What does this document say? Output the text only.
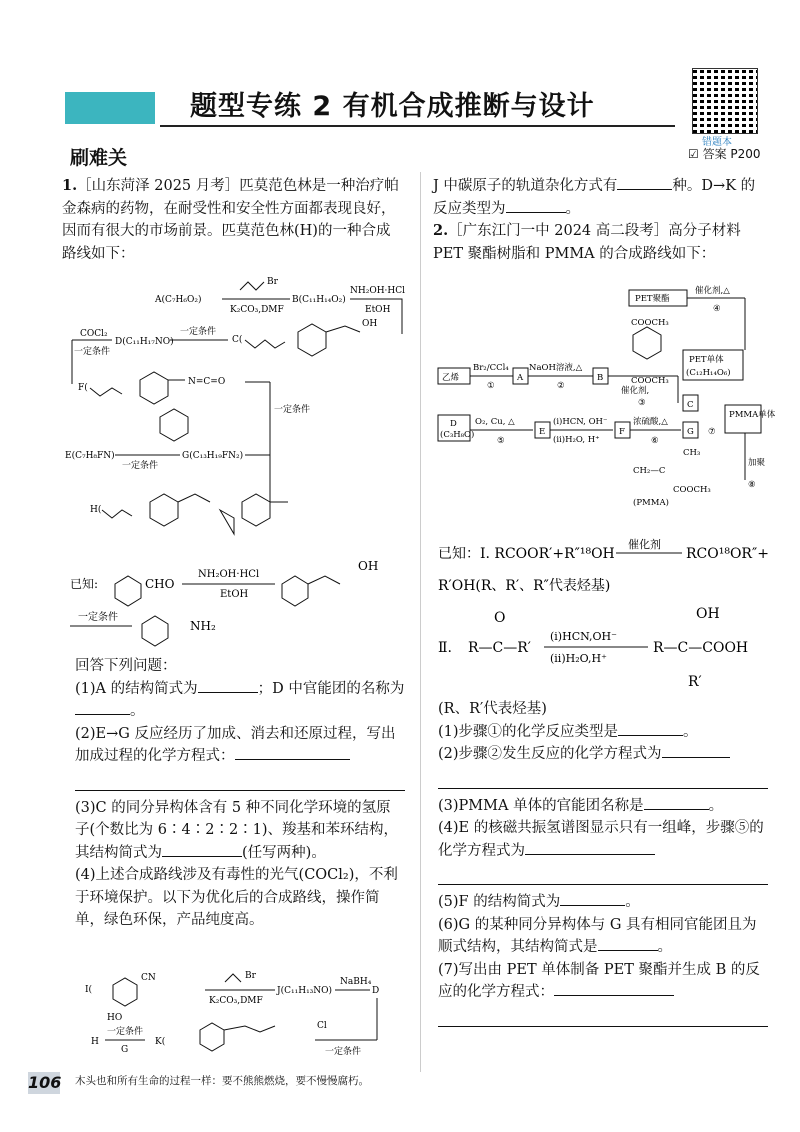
题型专练 2 有机合成推断与设计
错题本
☑ 答案 P200
刷难关

1.［山东菏泽 2025 月考］匹莫范色林是一种治疗帕金森病的药物，在耐受性和安全性方面都表现良好，因而有很大的市场前景。匹莫范色林(H)的一种合成路线如下：

A(C₇H₆O₂)
Br
K₂CO₃,DMF
B(C₁₁H₁₄O₂)
NH₂OH·HCl
EtOH
C(
OH
一定条件
D(C₁₁H₁₇NO)
COCl₂
一定条件
F(
N=C=O
一定条件
E(C₇H₈FN)
一定条件
G(C₁₃H₁₉FN₂)
H(
已知:	CHO
NH₂OH·HCl
EtOH
OH
一定条件
NH₂

回答下列问题：

(1)A 的结构简式为	；D 中官能团的名称为。

(2)E→G 反应经历了加成、消去和还原过程，写出加成过程的化学方程式：

(3)C 的同分异构体含有 5 种不同化学环境的氢原子(个数比为 6∶4∶2∶2∶1)、羧基和苯环结构，其结构简式为	(任写两种)。

(4)上述合成路线涉及有毒性的光气(COCl₂)，不利于环境保护。以下为优化后的合成路线，操作简单，绿色环保，产品纯度高。

I(
CN
HO
Br
K₂CO₃,DMF
J(C₁₁H₁₃NO)
NaBH₄
D
Cl
一定条件
K(
一定条件
G
H

J 中碳原子的轨道杂化方式有	种。D→K 的反应类型为	。

2.［广东江门一中 2024 高二段考］高分子材料 PET 聚酯树脂和 PMMA 的合成路线如下：

PET聚酯
催化剂,△
④
COOCH₃
COOCH₃
乙烯
Br₂/CCl₄
①
A
NaOH溶液,△
②
B
催化剂,
③
PET单体
(C₁₂H₁₄O₆)
C
D
(C₃H₈O)
O₂, Cu, △
⑤
E
(i)HCN, OH⁻
(ii)H₂O, H⁺
F
浓硫酸,△
⑥
G ⑦
PMMA单体
加聚
⑧
CH₃
CH₂—C
COOCH₃
(PMMA)
已知：Ⅰ. RCOOR′+R″¹⁸OH
催化剂
RCO¹⁸OR″+
R′OH(R、R′、R″代表烃基)
O
Ⅱ. R—C—R′
(ⅰ)HCN,OH⁻
(ⅱ)H₂O,H⁺
OH
R—C—COOH
R′

(R、R′代表烃基)

(1)步骤①的化学反应类型是	。

(2)步骤②发生反应的化学方程式为

(3)PMMA 单体的官能团名称是	。

(4)E 的核磁共振氢谱图显示只有一组峰，步骤⑤的化学方程式为

(5)F 的结构简式为	。

(6)G 的某种同分异构体与 G 具有相同官能团且为顺式结构，其结构简式是	。

(7)写出由 PET 单体制备 PET 聚酯并生成 B 的反应的化学方程式：

106 木头也和所有生命的过程一样：要不熊熊燃烧，要不慢慢腐朽。
